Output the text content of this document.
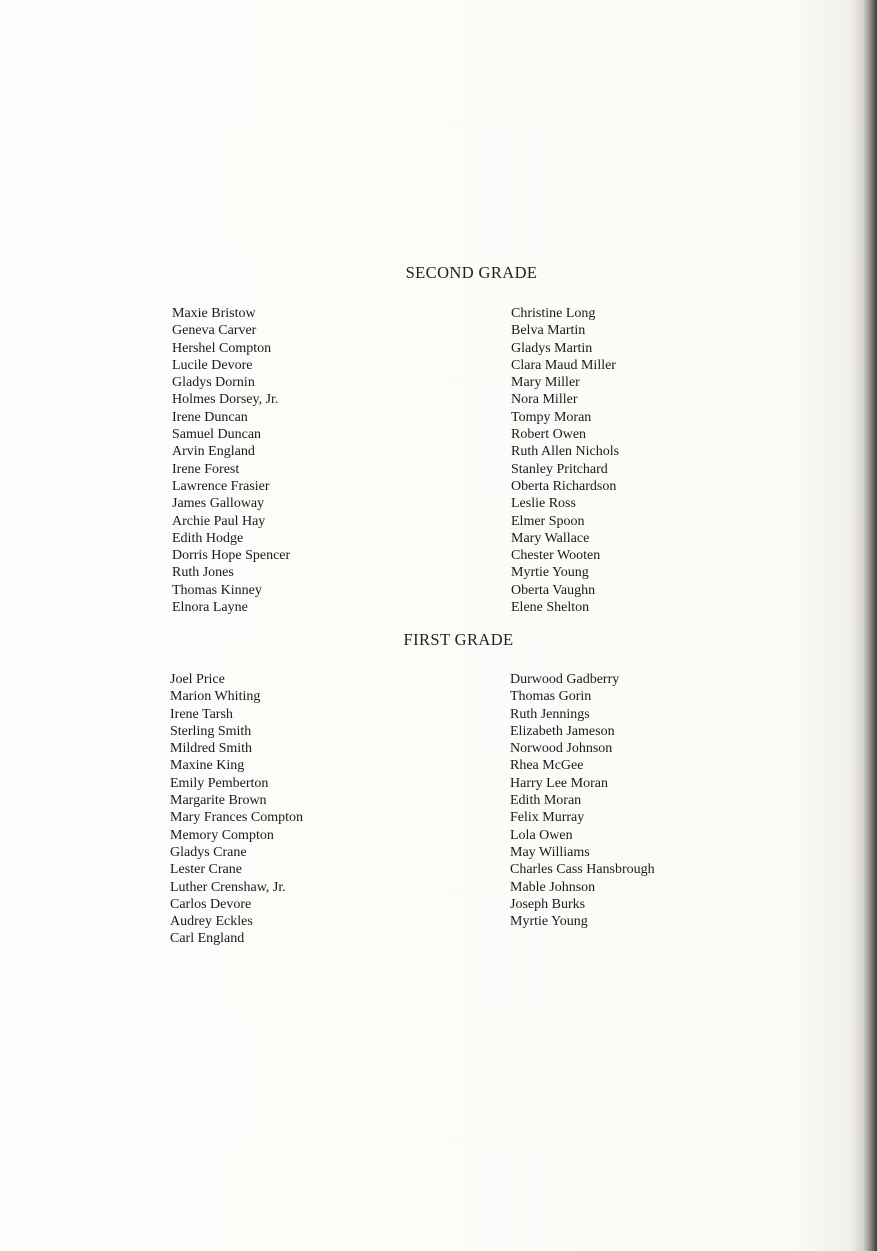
SECOND GRADE
Maxie Bristow
Geneva Carver
Hershel Compton
Lucile Devore
Gladys Dornin
Holmes Dorsey, Jr.
Irene Duncan
Samuel Duncan
Arvin England
Irene Forest
Lawrence Frasier
James Galloway
Archie Paul Hay
Edith Hodge
Dorris Hope Spencer
Ruth Jones
Thomas Kinney
Elnora Layne
Christine Long
Belva Martin
Gladys Martin
Clara Maud Miller
Mary Miller
Nora Miller
Tompy Moran
Robert Owen
Ruth Allen Nichols
Stanley Pritchard
Oberta Richardson
Leslie Ross
Elmer Spoon
Mary Wallace
Chester Wooten
Myrtie Young
Oberta Vaughn
Elene Shelton
FIRST GRADE
Joel Price
Marion Whiting
Irene Tarsh
Sterling Smith
Mildred Smith
Maxine King
Emily Pemberton
Margarite Brown
Mary Frances Compton
Memory Compton
Gladys Crane
Lester Crane
Luther Crenshaw, Jr.
Carlos Devore
Audrey Eckles
Carl England
Durwood Gadberry
Thomas Gorin
Ruth Jennings
Elizabeth Jameson
Norwood Johnson
Rhea McGee
Harry Lee Moran
Edith Moran
Felix Murray
Lola Owen
May Williams
Charles Cass Hansbrough
Mable Johnson
Joseph Burks
Myrtie Young
